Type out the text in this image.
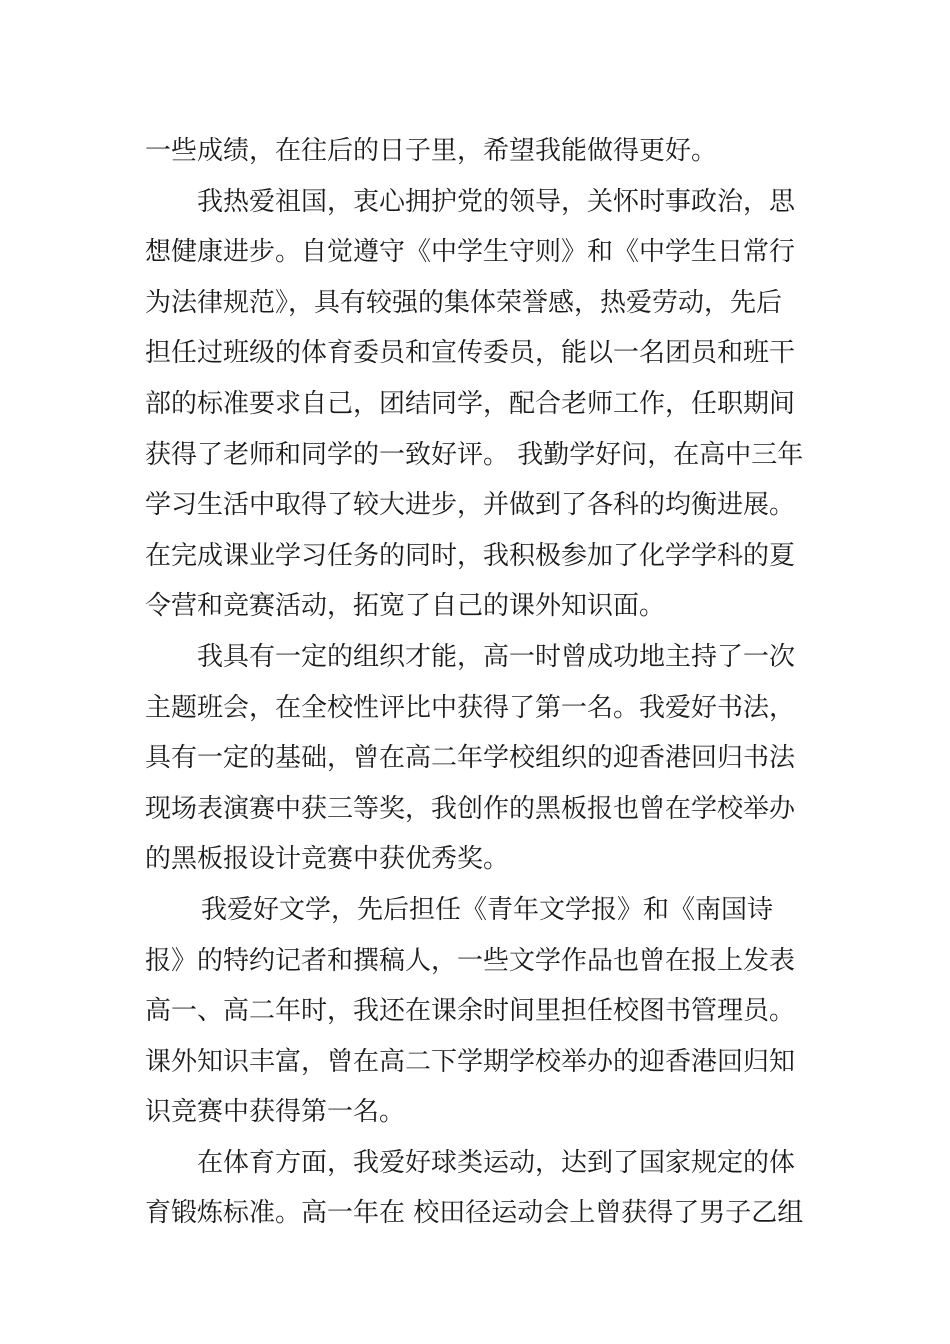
一些成绩，在往后的日子里，希望我能做得更好。
我热爱祖国，衷心拥护党的领导，关怀时事政治，思
想健康进步。自觉遵守《中学生守则》和《中学生日常行
为法律规范》，具有较强的集体荣誉感，热爱劳动，先后
担任过班级的体育委员和宣传委员，能以一名团员和班干
部的标准要求自己，团结同学，配合老师工作，任职期间
获得了老师和同学的一致好评。 我勤学好问，在高中三年
学习生活中取得了较大进步，并做到了各科的均衡进展。
在完成课业学习任务的同时，我积极参加了化学学科的夏
令营和竞赛活动，拓宽了自己的课外知识面。
我具有一定的组织才能，高一时曾成功地主持了一次
主题班会，在全校性评比中获得了第一名。我爱好书法，
具有一定的基础，曾在高二年学校组织的迎香港回归书法
现场表演赛中获三等奖，我创作的黑板报也曾在学校举办
的黑板报设计竞赛中获优秀奖。
我爱好文学，先后担任《青年文学报》和《南国诗
报》的特约记者和撰稿人，一些文学作品也曾在报上发表
高一、高二年时，我还在课余时间里担任校图书管理员。
课外知识丰富，曾在高二下学期学校举办的迎香港回归知
识竞赛中获得第一名。
在体育方面，我爱好球类运动，达到了国家规定的体
育锻炼标准。高一年在 校田径运动会上曾获得了男子乙组
